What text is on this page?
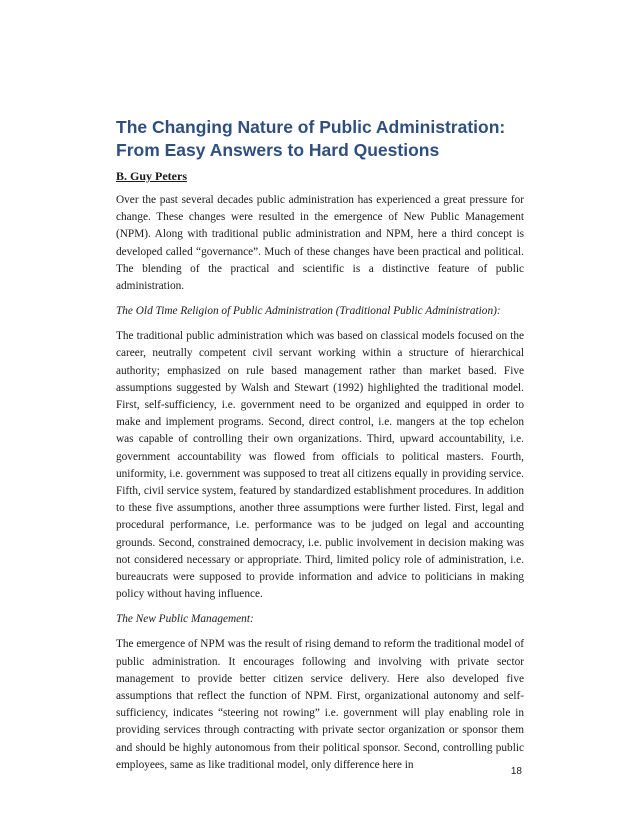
The Changing Nature of Public Administration:
From Easy Answers to Hard Questions
B. Guy Peters

Over the past several decades public administration has experienced a great pressure for change. These changes were resulted in the emergence of New Public Management (NPM). Along with traditional public administration and NPM, here a third concept is developed called “governance”. Much of these changes have been practical and political. The blending of the practical and scientific is a distinctive feature of public administration.

The Old Time Religion of Public Administration (Traditional Public Administration):

The traditional public administration which was based on classical models focused on the career, neutrally competent civil servant working within a structure of hierarchical authority; emphasized on rule based management rather than market based. Five assumptions suggested by Walsh and Stewart (1992) highlighted the traditional model. First, self-sufficiency, i.e. government need to be organized and equipped in order to make and implement programs. Second, direct control, i.e. mangers at the top echelon was capable of controlling their own organizations. Third, upward accountability, i.e. government accountability was flowed from officials to political masters. Fourth, uniformity, i.e. government was supposed to treat all citizens equally in providing service. Fifth, civil service system, featured by standardized establishment procedures. In addition to these five assumptions, another three assumptions were further listed. First, legal and procedural performance, i.e. performance was to be judged on legal and accounting grounds. Second, constrained democracy, i.e. public involvement in decision making was not considered necessary or appropriate. Third, limited policy role of administration, i.e. bureaucrats were supposed to provide information and advice to politicians in making policy without having influence.

The New Public Management:

The emergence of NPM was the result of rising demand to reform the traditional model of public administration. It encourages following and involving with private sector management to provide better citizen service delivery. Here also developed five assumptions that reflect the function of NPM. First, organizational autonomy and self-sufficiency, indicates “steering not rowing” i.e. government will play enabling role in providing services through contracting with private sector organization or sponsor them and should be highly autonomous from their political sponsor. Second, controlling public employees, same as like traditional model, only difference here in

18
